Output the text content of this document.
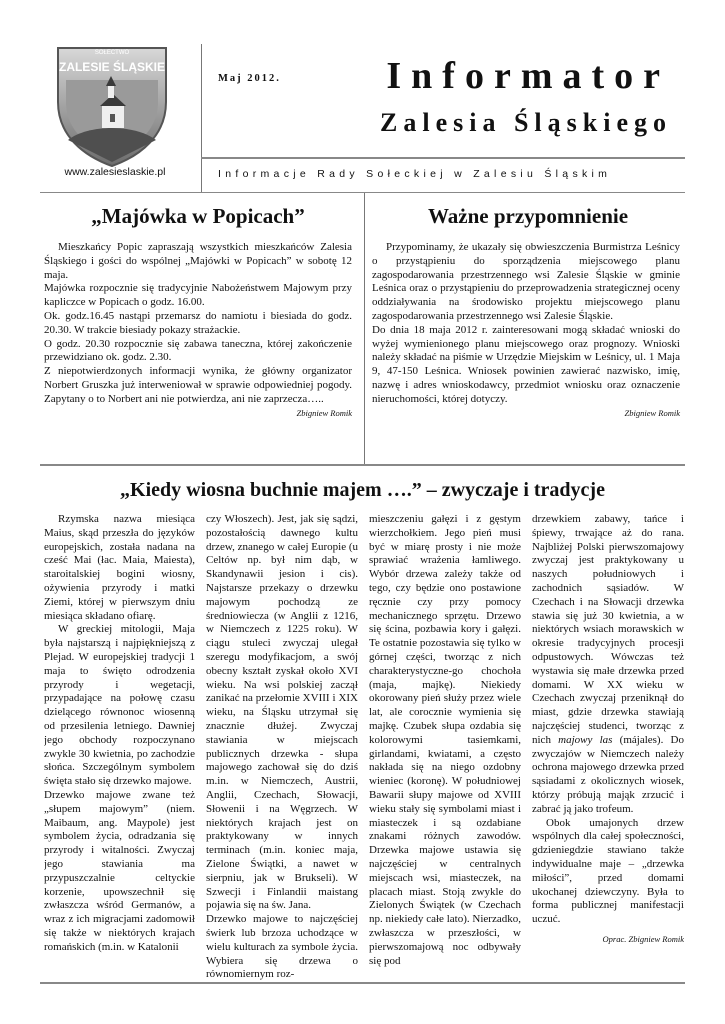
SOŁECTWO
ZALESIE ŚLĄSKIE
www.zalesieslaskie.pl
Maj 2012.	Informator
Zalesia Śląskiego
Informacje Rady Sołeckiej w Zalesiu Śląskim
„Majówka w Popicach”

Mieszkańcy Popic zapraszają wszystkich mieszkańców Zalesia Śląskiego i gości do wspólnej „Majówki w Popicach” w sobotę 12 maja.

Majówka rozpocznie się tradycyjnie Nabożeństwem Majowym przy kapliczce w Popicach o godz. 16.00.

Ok. godz.16.45 nastąpi przemarsz do namiotu i biesiada do godz. 20.30. W trakcie biesiady pokazy strażackie.

O godz. 20.30 rozpocznie się zabawa taneczna, której zakończenie przewidziano ok. godz. 2.30.

Z niepotwierdzonych informacji wynika, że główny organizator Norbert Gruszka już interweniował w sprawie odpowiedniej pogody. Zapytany o to Norbert ani nie potwierdza, ani nie zaprzecza…..

Zbigniew Romik

Ważne przypomnienie

Przypominamy, że ukazały się obwieszczenia Burmistrza Leśnicy o przystąpieniu do sporządzenia miejscowego planu zagospodarowania przestrzennego wsi Zalesie Śląskie w gminie Leśnica oraz o przystąpieniu do przeprowadzenia strategicznej oceny oddziaływania na środowisko projektu miejscowego planu zagospodarowania przestrzennego wsi Zalesie Śląskie.

Do dnia 18 maja 2012 r. zainteresowani mogą składać wnioski do wyżej wymienionego planu miejscowego oraz prognozy. Wnioski należy składać na piśmie w Urzędzie Miejskim w Leśnicy, ul. 1 Maja 9, 47-150 Leśnica. Wniosek powinien zawierać nazwisko, imię, nazwę i adres wnioskodawcy, przedmiot wniosku oraz oznaczenie nieruchomości, której dotyczy.

Zbigniew Romik

„Kiedy wiosna buchnie majem ….” – zwyczaje i tradycje

Rzymska nazwa miesiąca Maius, skąd przeszła do języków europejskich, została nadana na cześć Mai (łac. Maia, Maiesta), staroitalskiej bogini wiosny, ożywienia przyrody i matki Ziemi, której w pierwszym dniu miesiąca składano ofiarę.

W greckiej mitologii, Maja była najstarszą i najpiękniejszą z Plejad. W europejskiej tradycji 1 maja to święto odrodzenia przyrody i wegetacji, przypadające na połowę czasu dzielącego równonoc wiosenną od przesilenia letniego. Dawniej jego obchody rozpoczynano zwykle 30 kwietnia, po zachodzie słońca. Szczególnym symbolem święta stało się drzewko majowe.

Drzewko majowe zwane też „słupem majowym” (niem. Maibaum, ang. Maypole) jest symbolem życia, odradzania się przyrody i witalności. Zwyczaj jego stawiania ma przypuszczalnie celtyckie korzenie, upowszechnił się zwłaszcza wśród Germanów, a wraz z ich migracjami zadomowił się także w niektórych krajach romańskich (m.in. w Katalonii

czy Włoszech). Jest, jak się sądzi, pozostałością dawnego kultu drzew, znanego w całej Europie (u Celtów np. był nim dąb, w Skandynawii jesion i cis). Najstarsze przekazy o drzewku majowym pochodzą ze średniowiecza (w Anglii z 1216, w Niemczech z 1225 roku). W ciągu stuleci zwyczaj ulegał szeregu modyfikacjom, a swój obecny kształt zyskał około XVI wieku. Na wsi polskiej zaczął zanikać na przełomie XVIII i XIX wieku, na Śląsku utrzymał się znacznie dłużej. Zwyczaj stawiania w miejscach publicznych drzewka - słupa majowego zachował się do dziś m.in. w Niemczech, Austrii, Anglii, Czechach, Słowacji, Słowenii i na Węgrzech. W niektórych krajach jest on praktykowany w innych terminach (m.in. koniec maja, Zielone Świątki, a nawet w sierpniu, jak w Brukseli). W Szwecji i Finlandii maistang pojawia się na św. Jana.

Drzewko majowe to najczęściej świerk lub brzoza uchodzące w wielu kulturach za symbole życia. Wybiera się drzewa o równomiernym roz-

mieszczeniu gałęzi i z gęstym wierzchołkiem. Jego pień musi być w miarę prosty i nie może sprawiać wrażenia łamliwego. Wybór drzewa zależy także od tego, czy będzie ono postawione ręcznie czy przy pomocy mechanicznego sprzętu. Drzewo się ścina, pozbawia kory i gałęzi. Te ostatnie pozostawia się tylko w górnej części, tworząc z nich charakterystyczne-go chochoła (maja, majkę). Niekiedy okorowany pień służy przez wiele lat, ale corocznie wymienia się majkę. Czubek słupa ozdabia się kolorowymi tasiemkami, girlandami, kwiatami, a często nakłada się na niego ozdobny wieniec (koronę). W południowej Bawarii słupy majowe od XVIII wieku stały się symbolami miast i miasteczek i są ozdabiane znakami różnych zawodów. Drzewka majowe ustawia się najczęściej w centralnych miejscach wsi, miasteczek, na placach miast. Stoją zwykle do Zielonych Świątek (w Czechach np. niekiedy całe lato). Nierzadko, zwłaszcza w przeszłości, w pierwszomajową noc odbywały się pod

drzewkiem zabawy, tańce i śpiewy, trwające aż do rana. Najbliżej Polski pierwszomajowy zwyczaj jest praktykowany u naszych południowych i zachodnich sąsiadów. W Czechach i na Słowacji drzewka stawia się już 30 kwietnia, a w niektórych wsiach morawskich w okresie tradycyjnych procesji odpustowych. Wówczas też wystawia się małe drzewka przed domami. W XX wieku w Czechach zwyczaj przeniknął do miast, gdzie drzewka stawiają najczęściej studenci, tworząc z nich majowy las (májales). Do zwyczajów w Niemczech należy ochrona majowego drzewka przed sąsiadami z okolicznych wiosek, którzy próbują mająk zrzucić i zabrać ją jako trofeum.

Obok umajonych drzew wspólnych dla całej społeczności, gdzieniegdzie stawiano także indywidualne maje – „drzewka miłości”, przed domami ukochanej dziewczyny. Była to forma publicznej manifestacji uczuć.

Oprac. Zbigniew Romik
